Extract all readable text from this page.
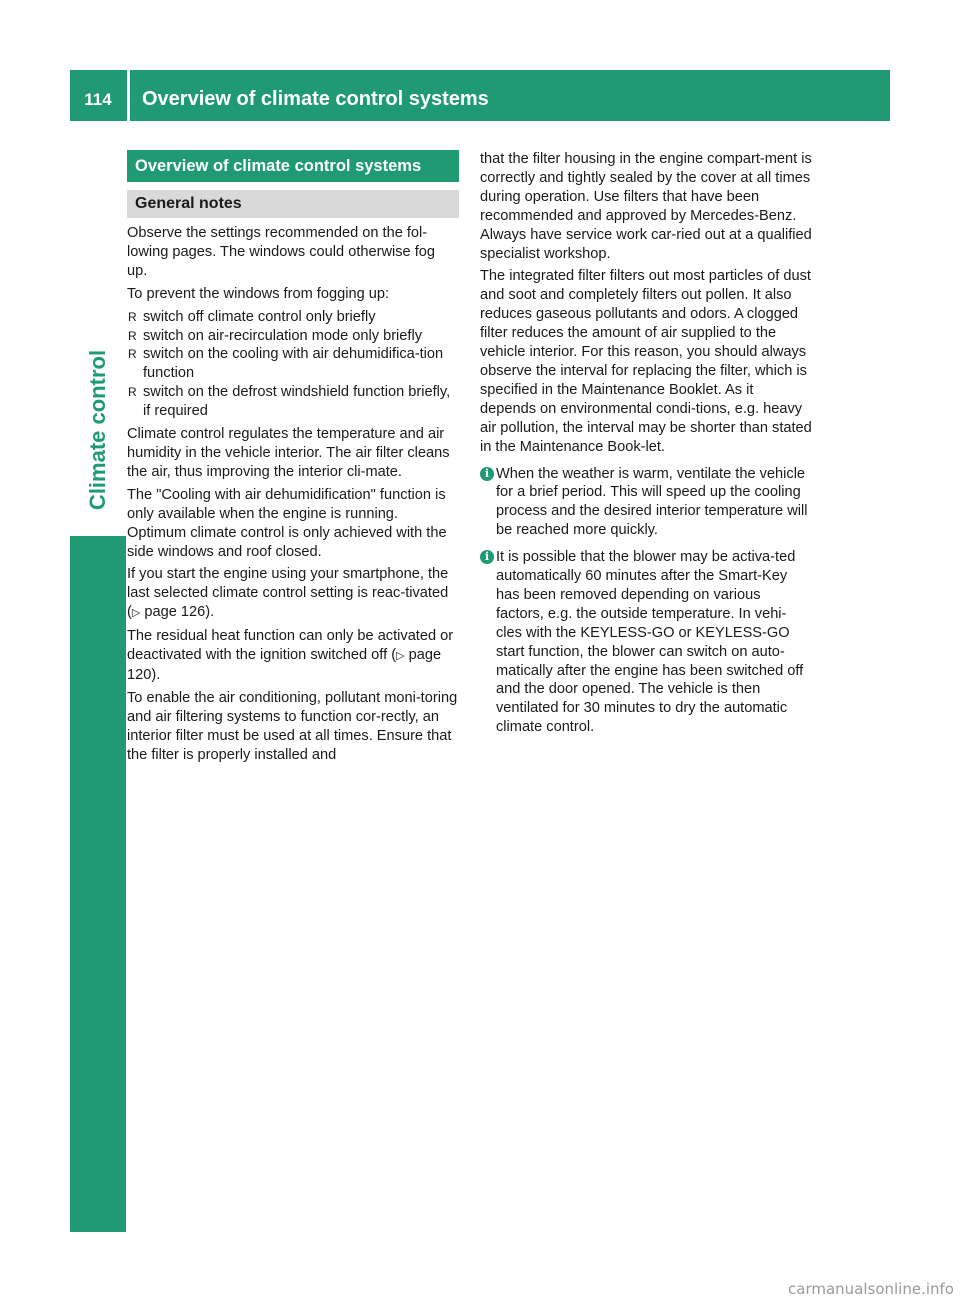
114	Overview of climate control systems
Climate control
Overview of climate control systems
General notes

Observe the settings recommended on the fol-lowing pages. The windows could otherwise fog up.

To prevent the windows from fogging up:

R switch off climate control only briefly
R switch on air-recirculation mode only briefly
R switch on the cooling with air dehumidifica-tion function
R switch on the defrost windshield function briefly, if required

Climate control regulates the temperature and air humidity in the vehicle interior. The air filter cleans the air, thus improving the interior cli-mate.

The "Cooling with air dehumidification" function is only available when the engine is running. Optimum climate control is only achieved with the side windows and roof closed.

If you start the engine using your smartphone, the last selected climate control setting is reac-tivated (▷ page 126).

The residual heat function can only be activated or deactivated with the ignition switched off (▷ page 120).

To enable the air conditioning, pollutant moni-toring and air filtering systems to function cor-rectly, an interior filter must be used at all times. Ensure that the filter is properly installed and

that the filter housing in the engine compart-ment is correctly and tightly sealed by the cover at all times during operation. Use filters that have been recommended and approved by Mercedes-Benz. Always have service work car-ried out at a qualified specialist workshop.

The integrated filter filters out most particles of dust and soot and completely filters out pollen. It also reduces gaseous pollutants and odors. A clogged filter reduces the amount of air supplied to the vehicle interior. For this reason, you should always observe the interval for replacing the filter, which is specified in the Maintenance Booklet. As it depends on environmental condi-tions, e.g. heavy air pollution, the interval may be shorter than stated in the Maintenance Book-let.

i When the weather is warm, ventilate the vehicle for a brief period. This will speed up the cooling process and the desired interior temperature will be reached more quickly.
i It is possible that the blower may be activa-ted automatically 60 minutes after the Smart-Key has been removed depending on various factors, e.g. the outside temperature. In vehi-cles with the KEYLESS-GO or KEYLESS-GO start function, the blower can switch on auto-matically after the engine has been switched off and the door opened. The vehicle is then ventilated for 30 minutes to dry the automatic climate control.
carmanualsonline.info
